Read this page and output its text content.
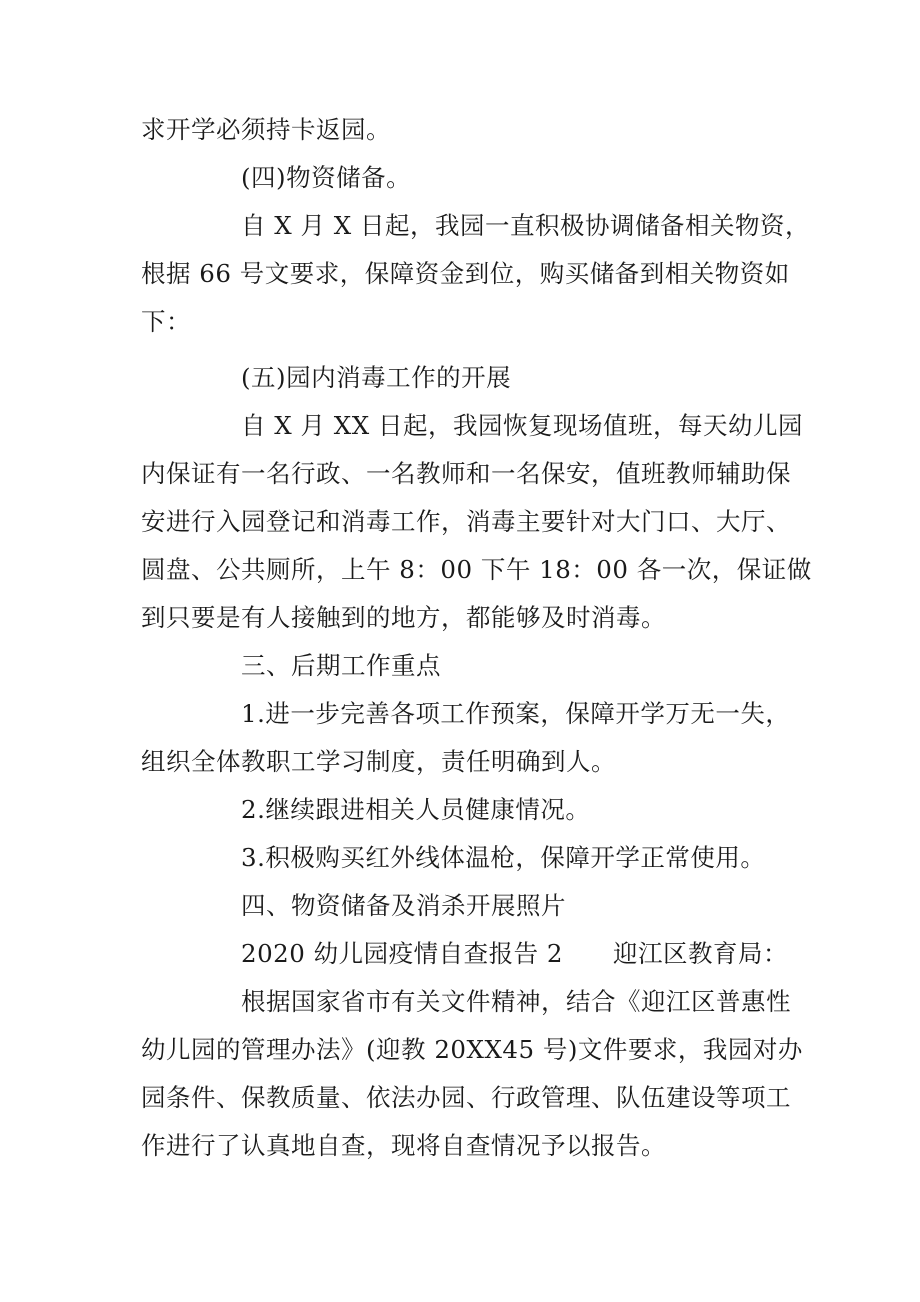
求开学必须持卡返园。
(四)物资储备。
自 X 月 X 日起，我园一直积极协调储备相关物资，
根据 66 号文要求，保障资金到位，购买储备到相关物资如
下：
(五)园内消毒工作的开展
自 X 月 XX 日起，我园恢复现场值班，每天幼儿园
内保证有一名行政、一名教师和一名保安，值班教师辅助保
安进行入园登记和消毒工作，消毒主要针对大门口、大厅、
圆盘、公共厕所，上午 8：00 下午 18：00 各一次，保证做
到只要是有人接触到的地方，都能够及时消毒。
三、后期工作重点
1.进一步完善各项工作预案，保障开学万无一失，
组织全体教职工学习制度，责任明确到人。
2.继续跟进相关人员健康情况。
3.积极购买红外线体温枪，保障开学正常使用。
四、物资储备及消杀开展照片
2020 幼儿园疫情自查报告 2 迎江区教育局：
根据国家省市有关文件精神，结合《迎江区普惠性
幼儿园的管理办法》(迎教 20XX45 号)文件要求，我园对办
园条件、保教质量、依法办园、行政管理、队伍建设等项工
作进行了认真地自查，现将自查情况予以报告。
